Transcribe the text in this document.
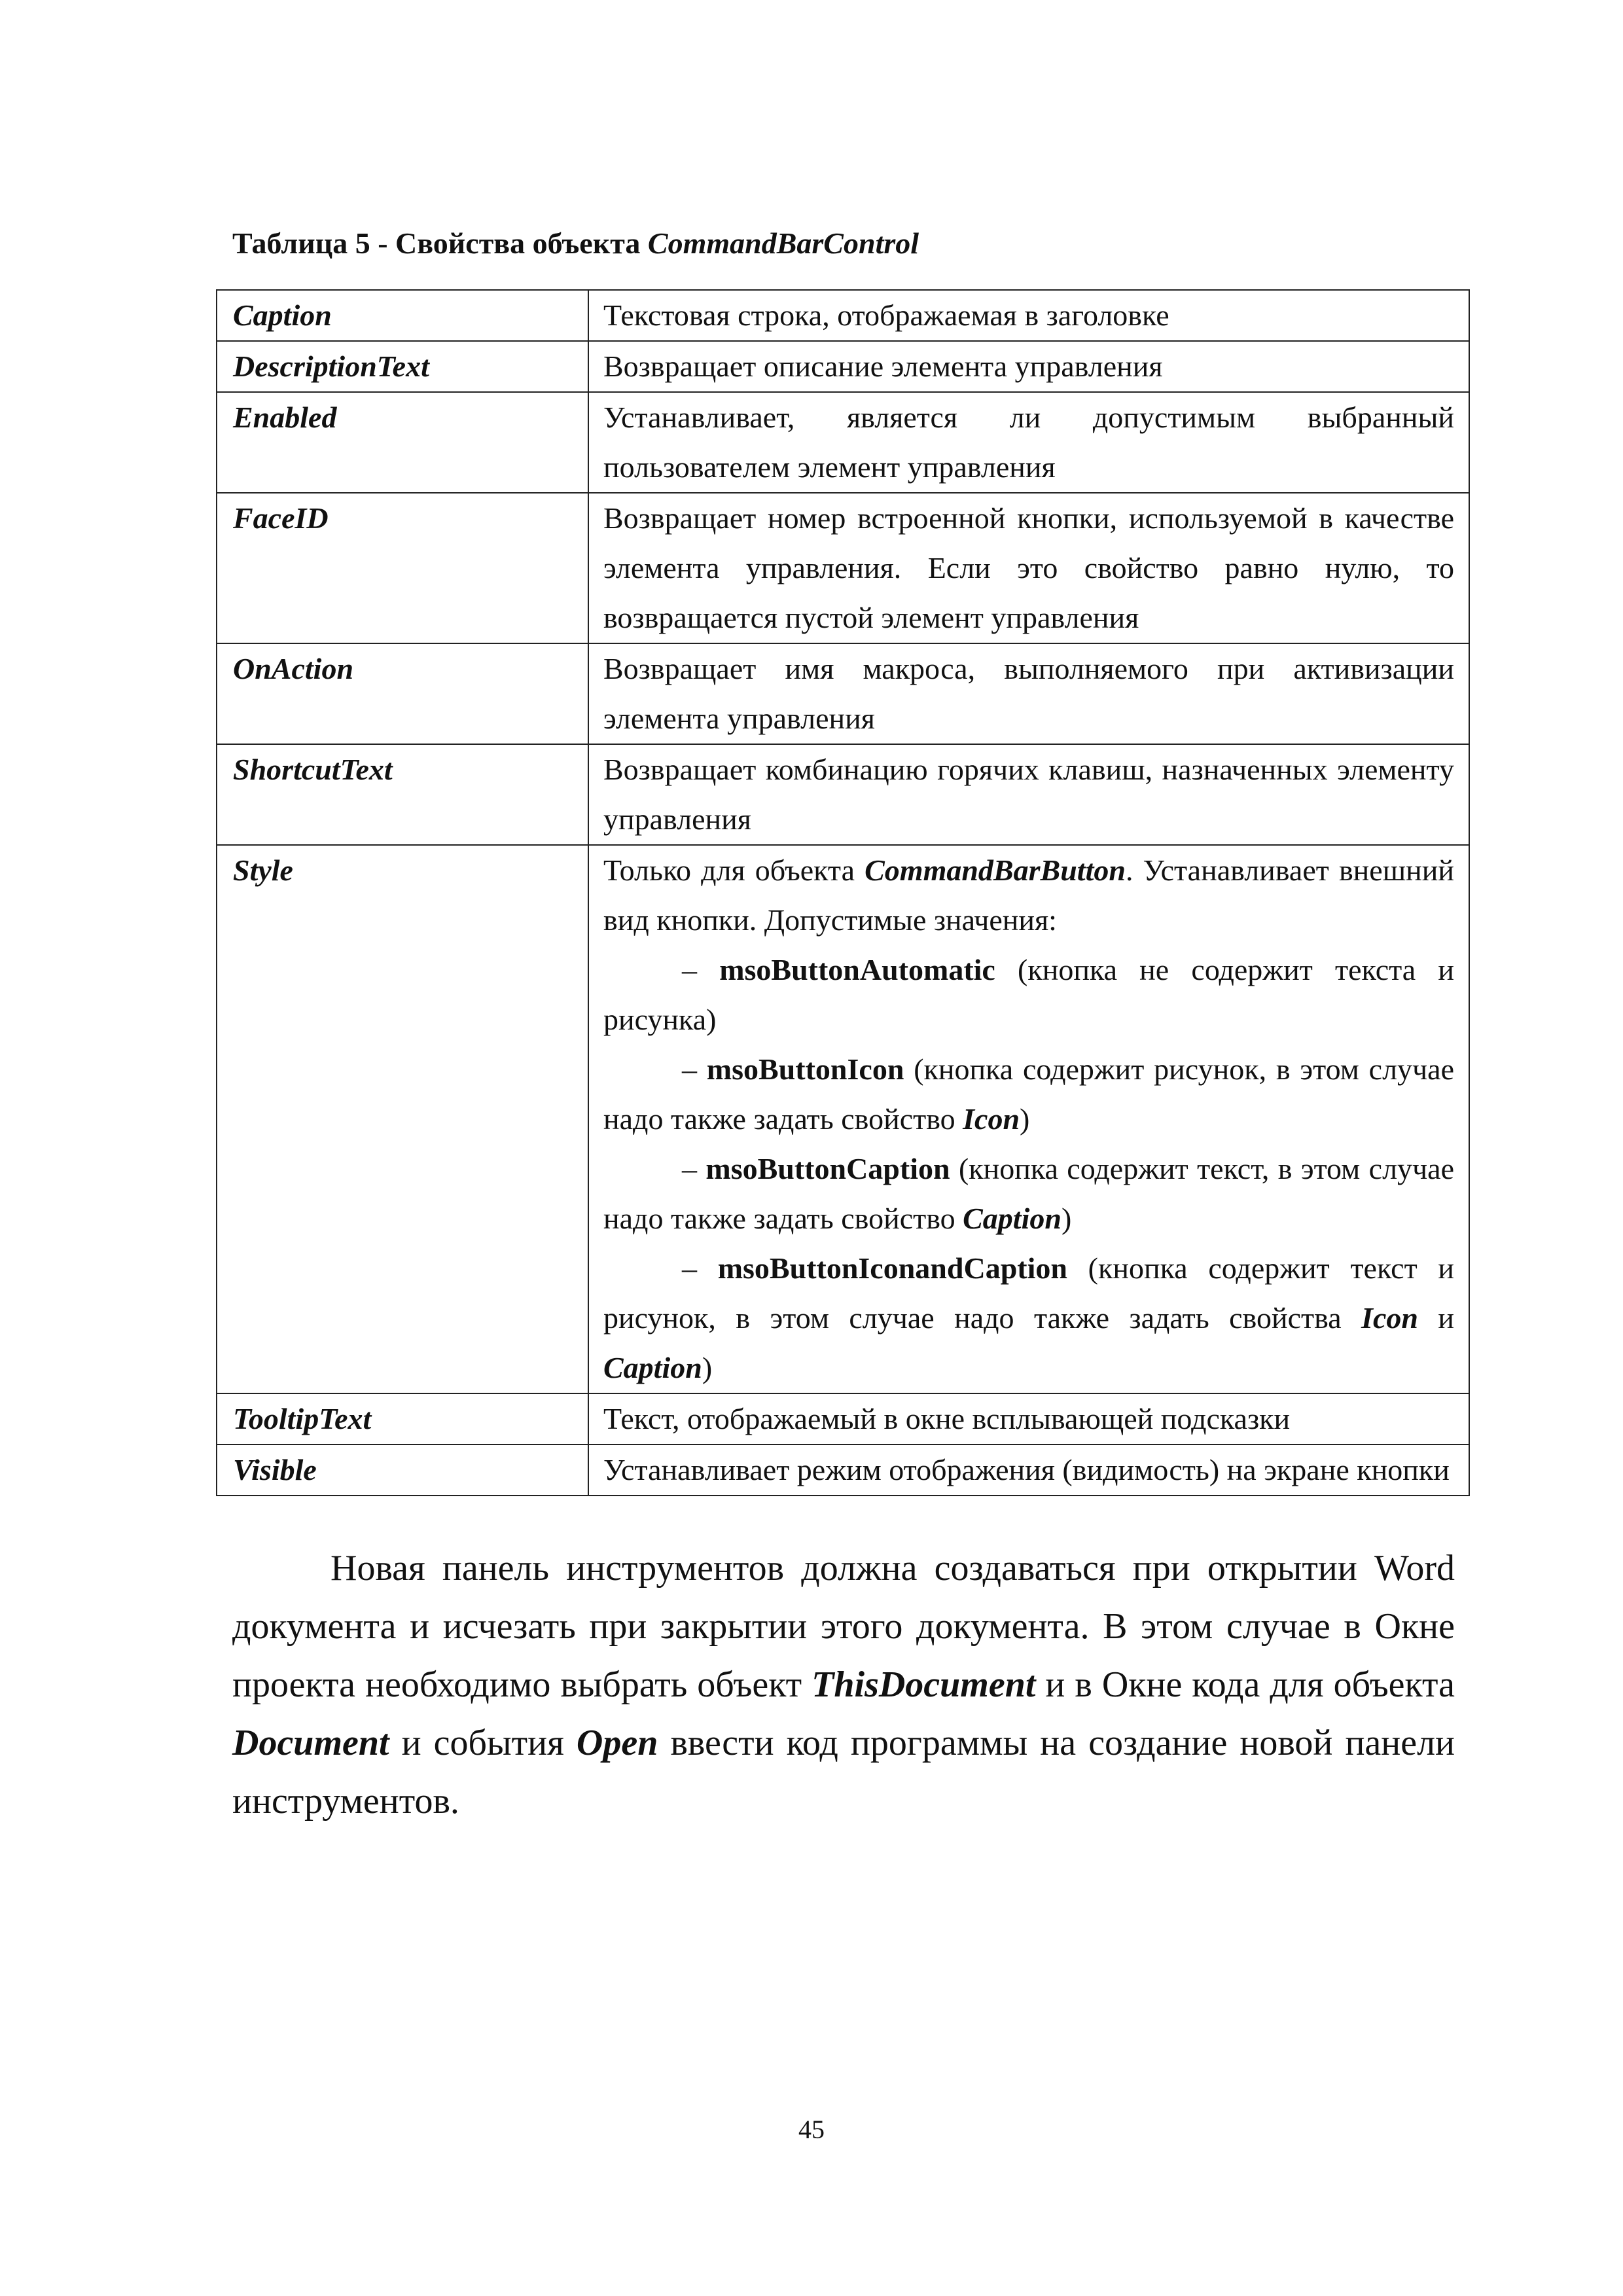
Таблица 5 - Свойства объекта CommandBarControl
Caption	Текстовая строка, отображаемая в заголовке
DescriptionText	Возвращает описание элемента управления
Enabled	Устанавливает, является ли допустимым выбранный пользователем элемент управления
FaceID	Возвращает номер встроенной кнопки, используемой в качестве элемента управления. Если это свойство равно нулю, то возвращается пустой элемент управления
OnAction	Возвращает имя макроса, выполняемого при активизации элемента управления
ShortcutText	Возвращает комбинацию горячих клавиш, назначенных элементу управления
Style	Только для объекта CommandBarButton. Устанавливает внешний вид кнопки. Допустимые значения:
– msoButtonAutomatic (кнопка не содержит текста и рисунка)
– msoButtonIcon (кнопка содержит рисунок, в этом случае надо также задать свойство Icon)
– msoButtonCaption (кнопка содержит текст, в этом случае надо также задать свойство Caption)
– msoButtonIconandCaption (кнопка содержит текст и рисунок, в этом случае надо также задать свойства Icon и Caption)

TooltipText	Текст, отображаемый в окне всплывающей подсказки
Visible	Устанавливает режим отображения (видимость) на экране кнопки

Новая панель инструментов должна создаваться при открытии Word документа и исчезать при закрытии этого документа. В этом случае в Окне проекта необходимо выбрать объект ThisDocument и в Окне кода для объекта Document и события Open ввести код программы на создание новой панели инструментов.

45
